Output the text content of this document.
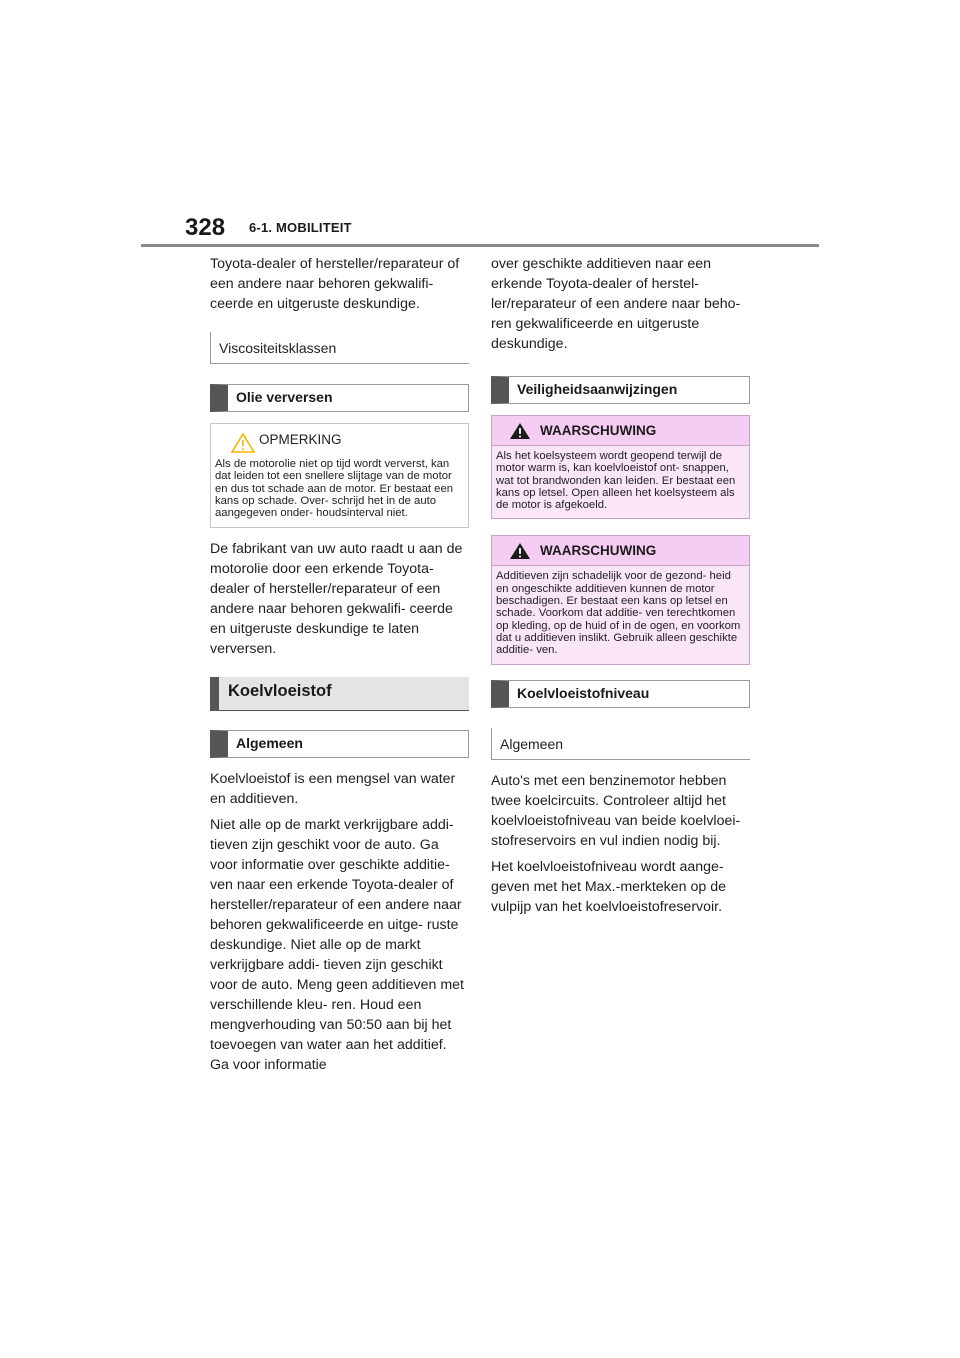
328 6-1. MOBILITEIT

Toyota-dealer of hersteller/reparateur of een andere naar behoren gekwalifi- ceerde en uitgeruste deskundige.

Viscositeitsklassen
Olie verversen
OPMERKING
Als de motorolie niet op tijd wordt ververst, kan dat leiden tot een snellere slijtage van de motor en dus tot schade aan de motor. Er bestaat een kans op schade. Over- schrijd het in de auto aangegeven onder- houdsinterval niet.

De fabrikant van uw auto raadt u aan de motorolie door een erkende Toyota-dealer of hersteller/reparateur of een andere naar behoren gekwalifi- ceerde en uitgeruste deskundige te laten verversen.

Koelvloeistof
Algemeen

Koelvloeistof is een mengsel van water en additieven.

Niet alle op de markt verkrijgbare addi- tieven zijn geschikt voor de auto. Ga voor informatie over geschikte additie- ven naar een erkende Toyota-dealer of hersteller/reparateur of een andere naar behoren gekwalificeerde en uitge- ruste deskundige. Niet alle op de markt verkrijgbare addi- tieven zijn geschikt voor de auto. Meng geen additieven met verschillende kleu- ren. Houd een mengverhouding van 50:50 aan bij het toevoegen van water aan het additief. Ga voor informatie

over geschikte additieven naar een erkende Toyota-dealer of herstel- ler/reparateur of een andere naar beho- ren gekwalificeerde en uitgeruste deskundige.

Veiligheidsaanwijzingen
WAARSCHUWING
Als het koelsysteem wordt geopend terwijl de motor warm is, kan koelvloeistof ont- snappen, wat tot brandwonden kan leiden. Er bestaat een kans op letsel. Open alleen het koelsysteem als de motor is afgekoeld.
WAARSCHUWING
Additieven zijn schadelijk voor de gezond- heid en ongeschikte additieven kunnen de motor beschadigen. Er bestaat een kans op letsel en schade. Voorkom dat additie- ven terechtkomen op kleding, op de huid of in de ogen, en voorkom dat u additieven inslikt. Gebruik alleen geschikte additie- ven.
Koelvloeistofniveau
Algemeen

Auto's met een benzinemotor hebben twee koelcircuits. Controleer altijd het koelvloeistofniveau van beide koelvloei- stofreservoirs en vul indien nodig bij.

Het koelvloeistofniveau wordt aange- geven met het Max.-merkteken op de vulpijp van het koelvloeistofreservoir.
